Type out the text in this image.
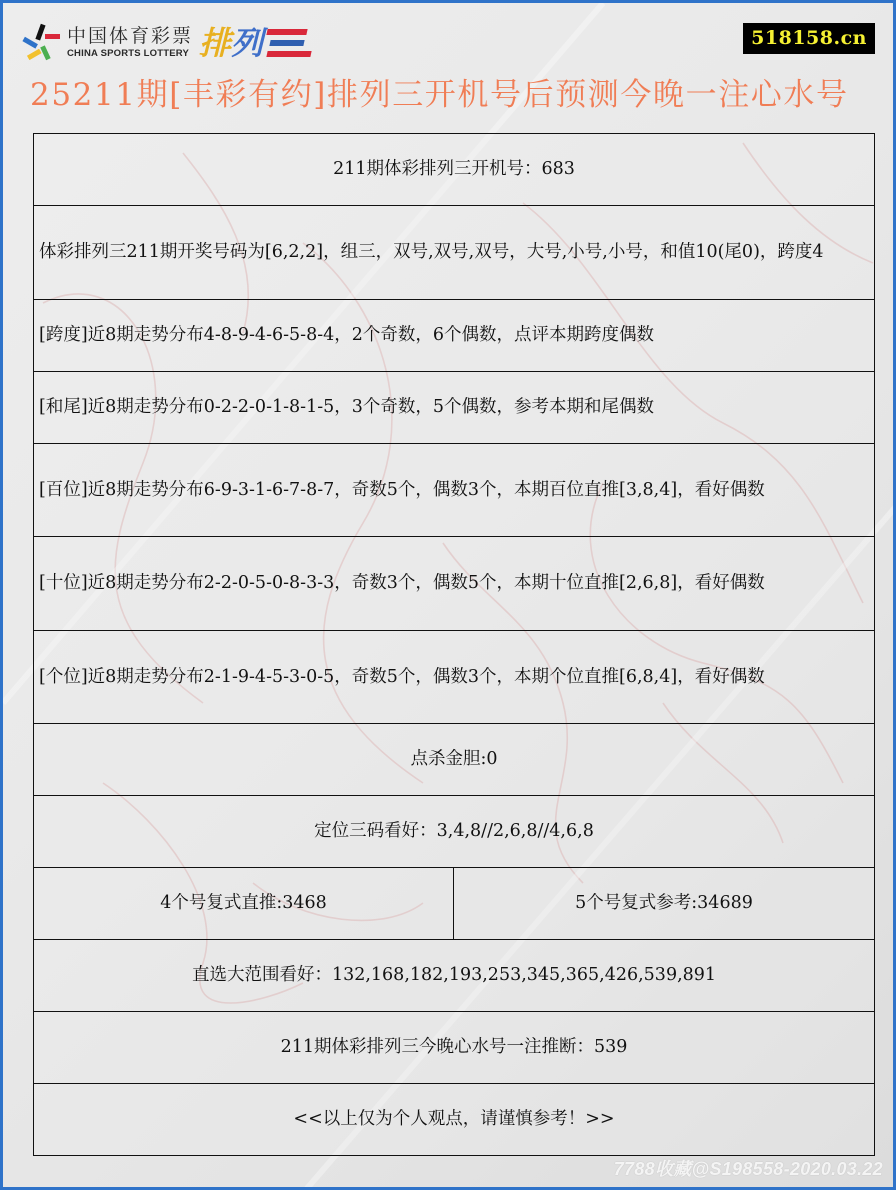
中国体育彩票
CHINA SPORTS LOTTERY 排 列	518158.cn
25211期[丰彩有约]排列三开机号后预测今晚一注心水号
211期体彩排列三开机号：683
体彩排列三211期开奖号码为[6,2,2]，组三，双号,双号,双号，大号,小号,小号，和值10(尾0)，跨度4
[跨度]近8期走势分布4-8-9-4-6-5-8-4，2个奇数，6个偶数，点评本期跨度偶数
[和尾]近8期走势分布0-2-2-0-1-8-1-5，3个奇数，5个偶数，参考本期和尾偶数
[百位]近8期走势分布6-9-3-1-6-7-8-7，奇数5个，偶数3个，本期百位直推[3,8,4]，看好偶数
[十位]近8期走势分布2-2-0-5-0-8-3-3，奇数3个，偶数5个，本期十位直推[2,6,8]，看好偶数
[个位]近8期走势分布2-1-9-4-5-3-0-5，奇数5个，偶数3个，本期个位直推[6,8,4]，看好偶数
点杀金胆:0
定位三码看好：3,4,8//2,6,8//4,6,8
4个号复式直推:3468	5个号复式参考:34689
直选大范围看好：132,168,182,193,253,345,365,426,539,891
211期体彩排列三今晚心水号一注推断：539
<<以上仅为个人观点，请谨慎参考！>>
7788收藏@S198558-2020.03.22
